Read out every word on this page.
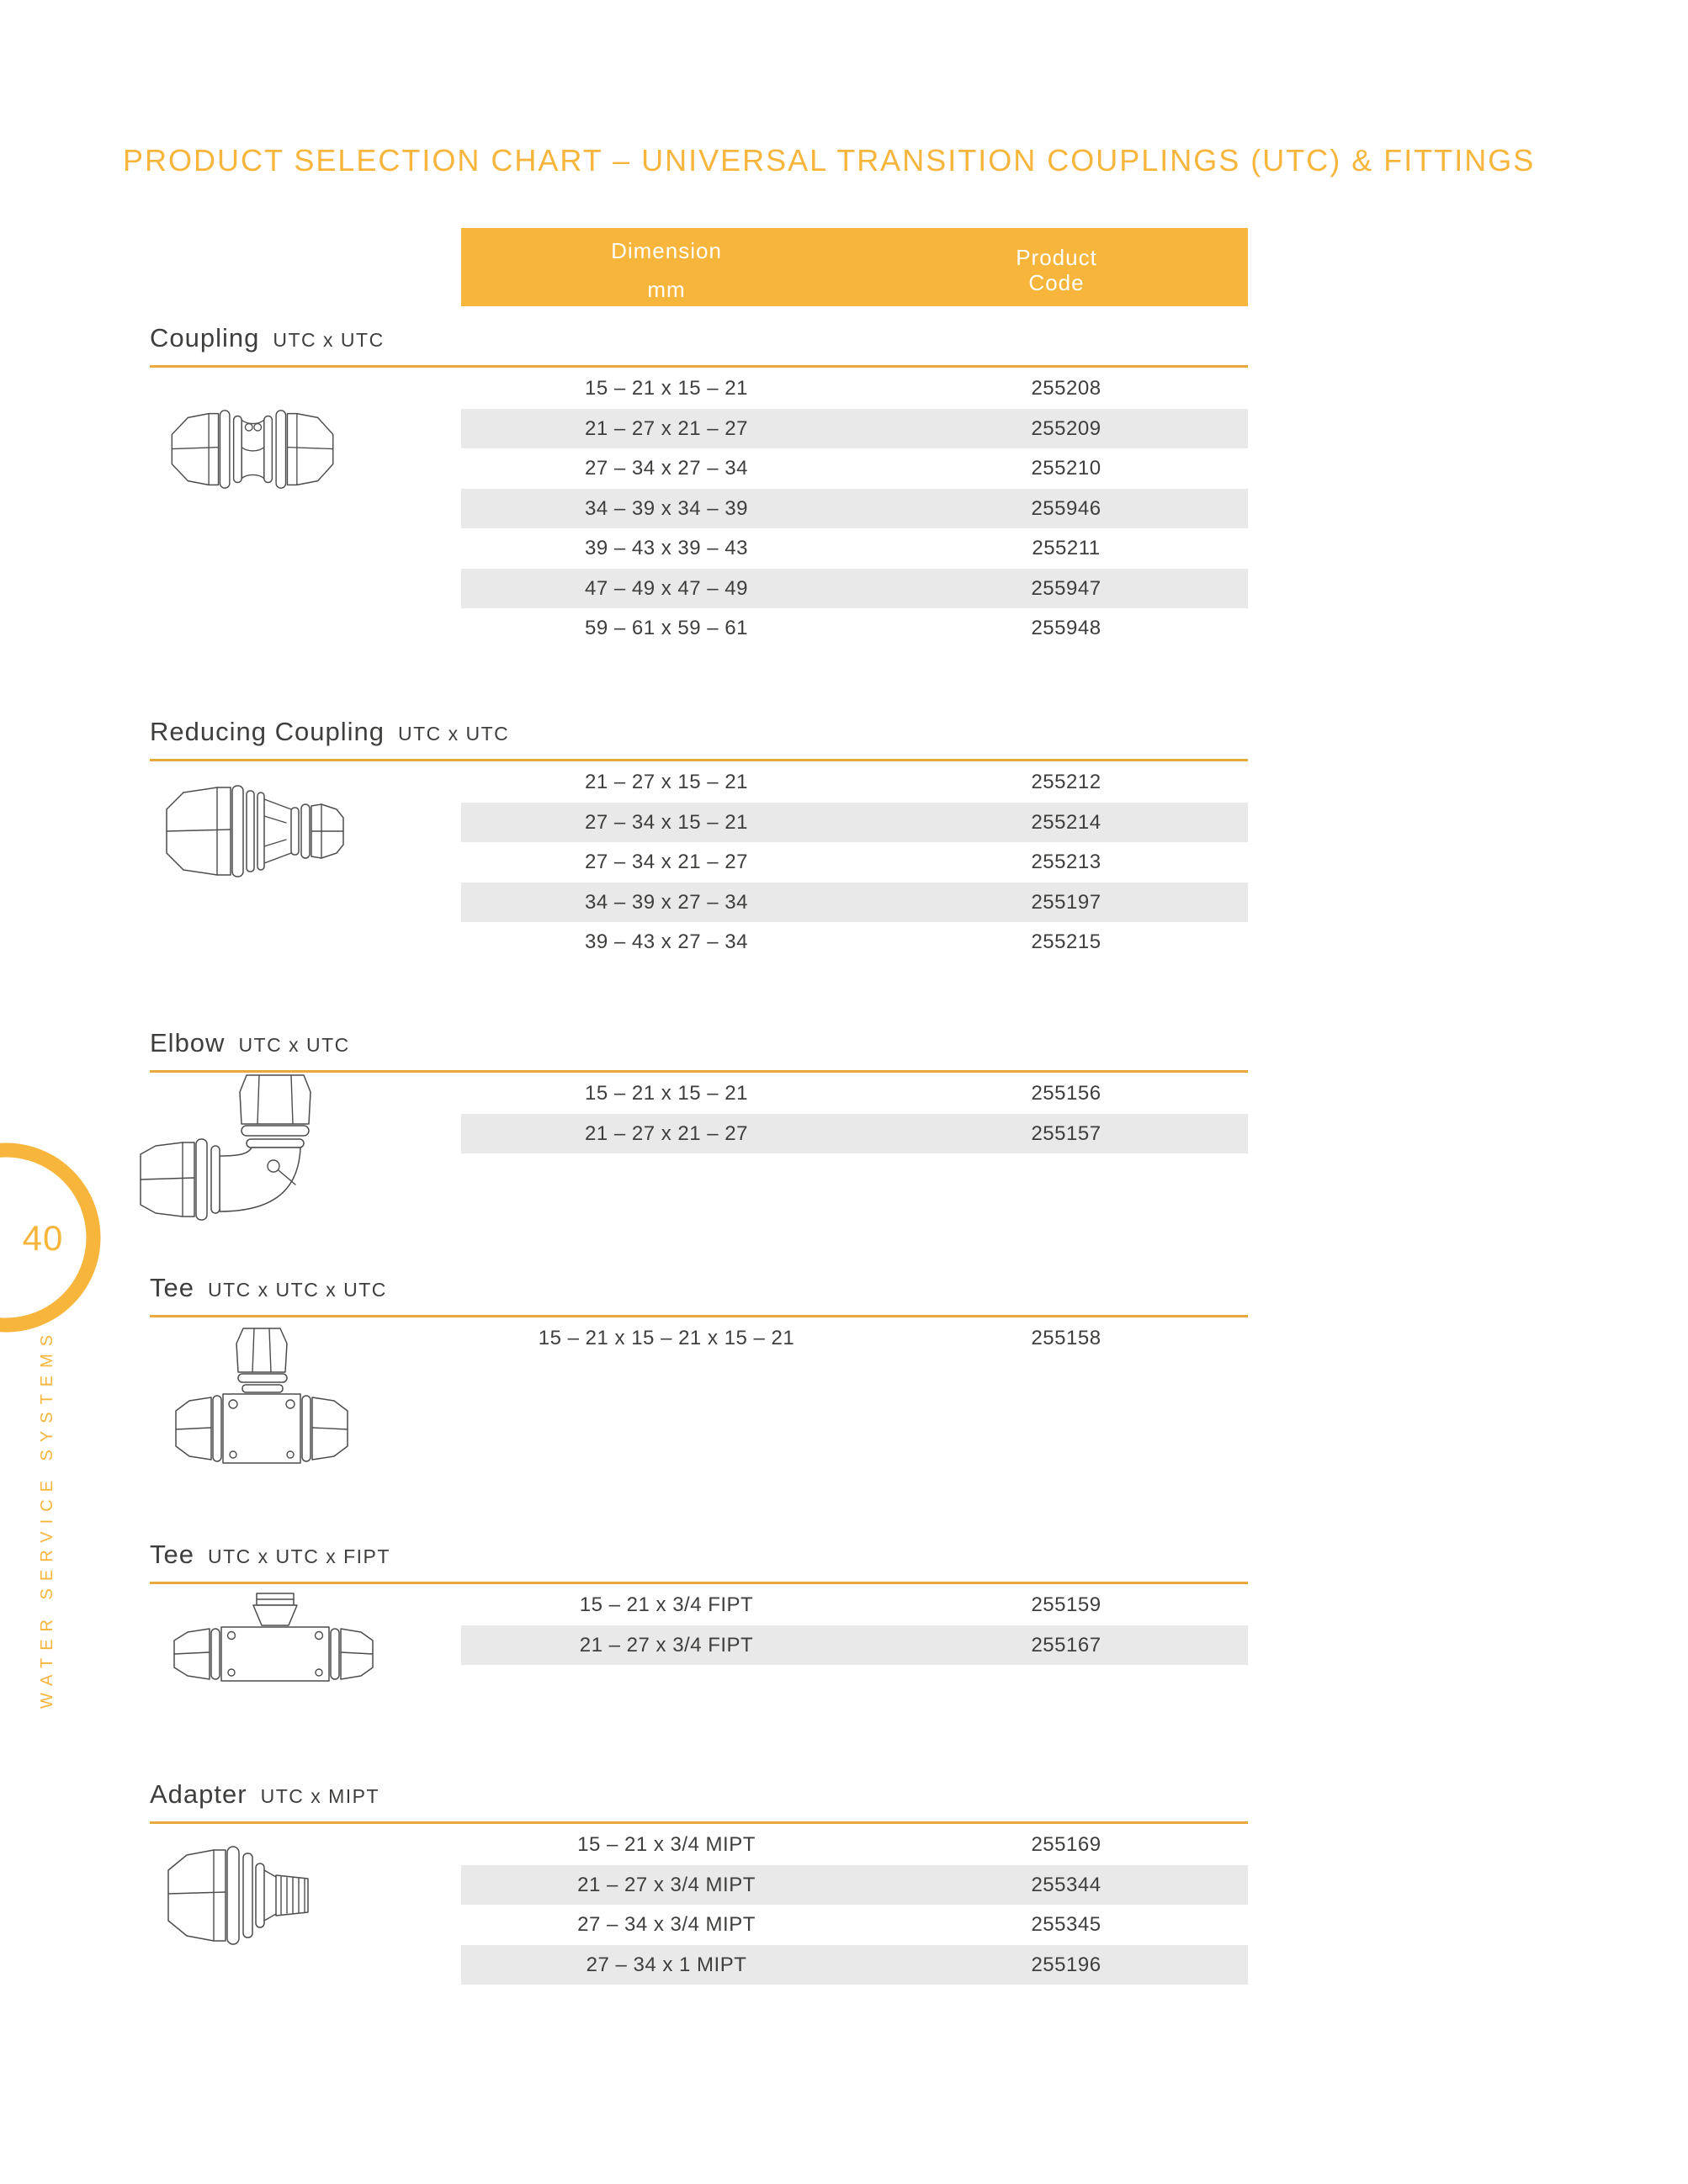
PRODUCT SELECTION CHART – UNIVERSAL TRANSITION COUPLINGS (UTC) & FITTINGS
Dimension
mm
Product
Code
Coupling UTC x UTC
15 – 21 x 15 – 21	255208
21 – 27 x 21 – 27	255209
27 – 34 x 27 – 34	255210
34 – 39 x 34 – 39	255946
39 – 43 x 39 – 43	255211
47 – 49 x 47 – 49	255947
59 – 61 x 59 – 61	255948
Reducing Coupling UTC x UTC
21 – 27 x 15 – 21	255212
27 – 34 x 15 – 21	255214
27 – 34 x 21 – 27	255213
34 – 39 x 27 – 34	255197
39 – 43 x 27 – 34	255215
Elbow UTC x UTC
15 – 21 x 15 – 21	255156
21 – 27 x 21 – 27	255157
Tee UTC x UTC x UTC
15 – 21 x 15 – 21 x 15 – 21	255158
Tee UTC x UTC x FIPT
15 – 21 x 3/4 FIPT	255159
21 – 27 x 3/4 FIPT	255167
Adapter UTC x MIPT
15 – 21 x 3/4 MIPT	255169
21 – 27 x 3/4 MIPT	255344
27 – 34 x 3/4 MIPT	255345
27 – 34 x 1 MIPT	255196
40
WATER SERVICE SYSTEMS
